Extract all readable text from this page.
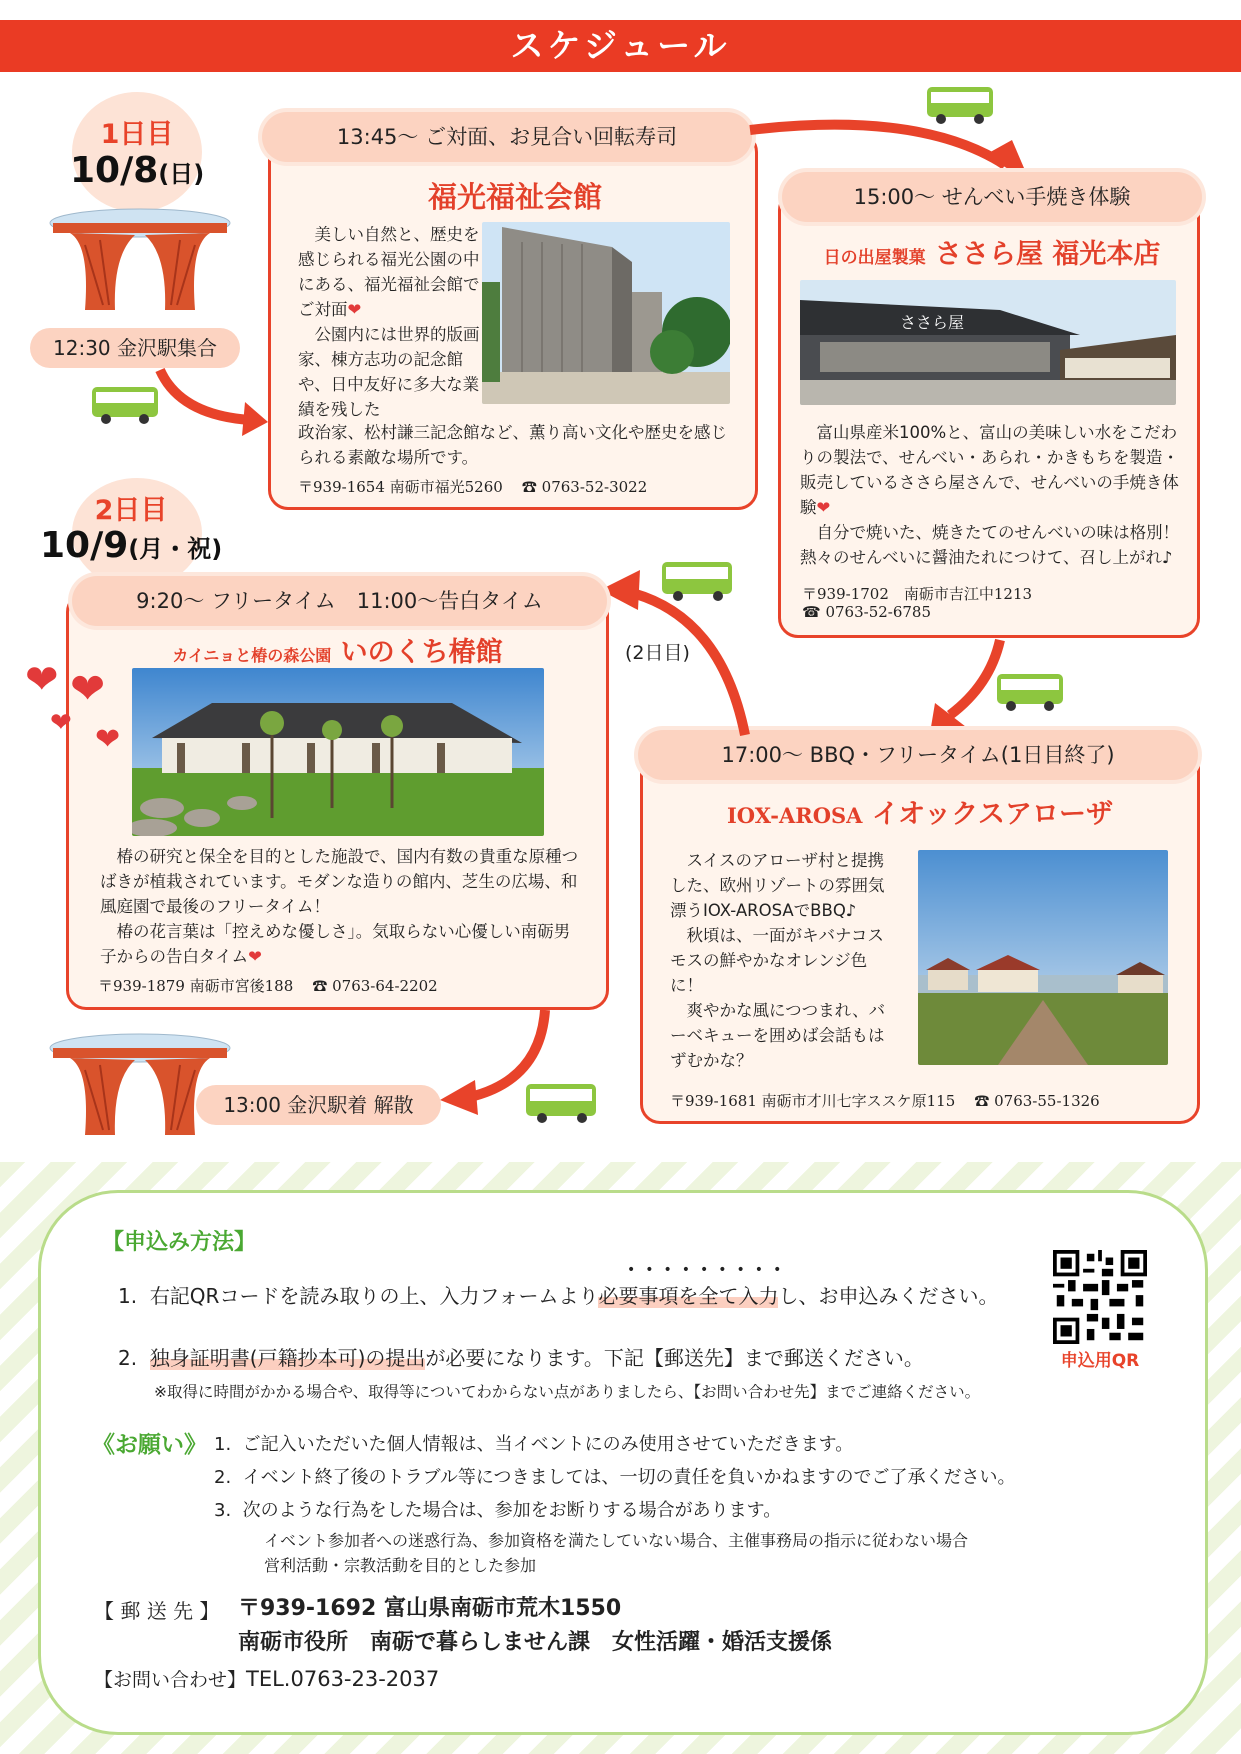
スケジュール
1日目
10/8(日)
12:30 金沢駅集合
13:45〜 ご対面、お見合い回転寿司
福光福祉会館
　美しい自然と、歴史を感じられる福光公園の中にある、福光福祉会館でご対面❤
　公園内には世界的版画家、棟方志功の記念館や、日中友好に多大な業績を残した
政治家、松村謙三記念館など、薫り高い文化や歴史を感じられる素敵な場所です。
〒939-1654 南砺市福光5260 ☎ 0763-52-3022
15:00〜 せんべい手焼き体験
日の出屋製菓 ささら屋 福光本店
ささら屋
　富山県産米100%と、富山の美味しい水をこだわりの製法で、せんべい・あられ・かきもちを製造・販売しているささら屋さんで、せんべいの手焼き体験❤
　自分で焼いた、焼きたてのせんべいの味は格別！熱々のせんべいに醤油たれにつけて、召し上がれ♪
〒939-1702　南砺市吉江中1213
☎ 0763-52-6785
17:00〜 BBQ・フリータイム(1日目終了)
IOX-AROSA イオックスアローザ
　スイスのアローザ村と提携した、欧州リゾートの雰囲気漂うIOX-AROSAでBBQ♪
　秋頃は、一面がキバナコスモスの鮮やかなオレンジ色に！
　爽やかな風につつまれ、バーベキューを囲めば会話もはずむかな？
〒939-1681 南砺市才川七字ススケ原115 ☎ 0763-55-1326
(2日目)
2日目
10/9(月・祝)
9:20〜 フリータイム　11:00〜告白タイム
カイニョと椿の森公園 いのくち椿館
　椿の研究と保全を目的とした施設で、国内有数の貴重な原種つばきが植栽されています。モダンな造りの館内、芝生の広場、和風庭園で最後のフリータイム！
　椿の花言葉は「控えめな優しさ」。気取らない心優しい南砺男子からの告白タイム❤
〒939-1879 南砺市宮後188 ☎ 0763-64-2202
❤ ❤
❤ ❤
13:00 金沢駅着 解散
【申込み方法】
1. 右記QRコードを読み取りの上、入力フォームより必要事項を全て入力し、お申込みください。
•••••••••
2. 独身証明書(戸籍抄本可)の提出が必要になります。下記【郵送先】まで郵送ください。
※取得に時間がかかる場合や、取得等についてわからない点がありましたら、【お問い合わせ先】までご連絡ください。
申込用QR
《お願い》 1. ご記入いただいた個人情報は、当イベントにのみ使用させていただきます。
2. イベント終了後のトラブル等につきましては、一切の責任を負いかねますのでご了承ください。
3. 次のような行為をした場合は、参加をお断りする場合があります。
イベント参加者への迷惑行為、参加資格を満たしていない場合、主催事務局の指示に従わない場合
営利活動・宗教活動を目的とした参加
【 郵 送 先 】 〒939-1692 富山県南砺市荒木1550
南砺市役所　南砺で暮らしません課　女性活躍・婚活支援係
【お問い合わせ】TEL.0763-23-2037
